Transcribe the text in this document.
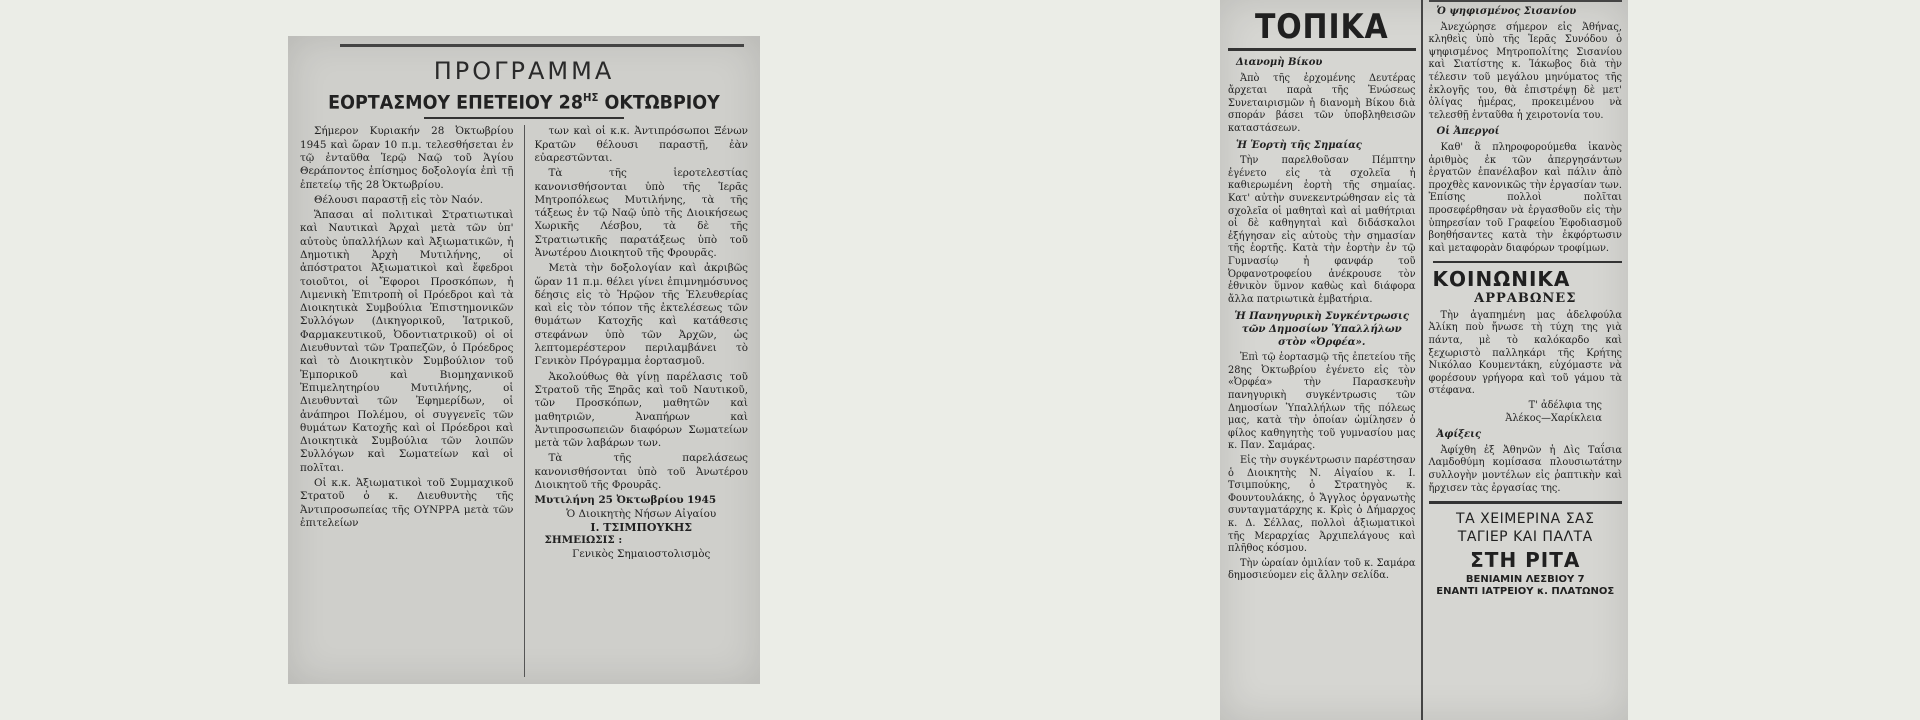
ΠΡΟΓΡΑΜΜΑ
ΕΟΡΤΑΣΜΟΥ ΕΠΕΤΕΙΟΥ $28^{H\Sigma}$ ΟΚΤΩΒΡΙΟΥ

Σήμερον Κυριακήν 28 Ὀκτωβρίου 1945 καὶ ὥραν 10 π.μ. τελεσθήσεται ἐν τῷ ἐνταῦθα Ἱερῷ Ναῷ τοῦ Ἁγίου Θεράποντος ἐπίσημος δοξολογία ἐπὶ τῇ ἐπετείῳ τῆς 28 Ὀκτωβρίου.

Θέλουσι παραστῇ εἰς τὸν Ναόν.

Ἅπασαι αἱ πολιτικαὶ Στρατιωτικαὶ καὶ Ναυτικαὶ Ἀρχαὶ μετὰ τῶν ὑπ' αὐτοὺς ὑπαλλήλων καὶ Ἀξιωματικῶν, ἡ Δημοτικὴ Ἀρχὴ Μυτιλήνης, οἱ ἀπόστρατοι Ἀξιωματικοὶ καὶ ἔφεδροι τοιοῦτοι, οἱ Ἔφοροι Προσκόπων, ἡ Λιμενικὴ Ἐπιτροπὴ οἱ Πρόεδροι καὶ τὰ Διοικητικὰ Συμβούλια Ἐπιστημονικῶν Συλλόγων (Δικηγορικοῦ, Ἰατρικοῦ, Φαρμακευτικοῦ, Ὀδοντιατρικοῦ) οἱ οἱ Διευθυνταὶ τῶν Τραπεζῶν, ὁ Πρόεδρος καὶ τὸ Διοικητικὸν Συμβούλιον τοῦ Ἐμπορικοῦ καὶ Βιομηχανικοῦ Ἐπιμελητηρίου Μυτιλήνης, οἱ Διευθυνταὶ τῶν Ἐφημερίδων, οἱ ἀνάπηροι Πολέμου, οἱ συγγενεῖς τῶν θυμάτων Κατοχῆς καὶ οἱ Πρόεδροι καὶ Διοικητικὰ Συμβούλια τῶν λοιπῶν Συλλόγων καὶ Σωματείων καὶ οἱ πολῖται.

Οἱ κ.κ. Ἀξιωματικοὶ τοῦ Συμμαχικοῦ Στρατοῦ ὁ κ. Διευθυντὴς τῆς Ἀντιπροσωπείας τῆς ΟΥΝΡΡΑ μετὰ τῶν ἐπιτελείων

των καὶ οἱ κ.κ. Ἀντιπρόσωποι Ξένων Κρατῶν θέλουσι παραστῇ, ἐὰν εὐαρεστῶνται.

Τὰ τῆς ἱεροτελεστίας κανονισθήσονται ὑπὸ τῆς Ἱερᾶς Μητροπόλεως Μυτιλήνης, τὰ τῆς τάξεως ἐν τῷ Ναῷ ὑπὸ τῆς Διοικήσεως Χωρικῆς Λέσβου, τὰ δὲ τῆς Στρατιωτικῆς παρατάξεως ὑπὸ τοῦ Ἀνωτέρου Διοικητοῦ τῆς Φρουρᾶς.

Μετὰ τὴν δοξολογίαν καὶ ἀκριβῶς ὥραν 11 π.μ. θέλει γίνει ἐπιμνημόσυνος δέησις εἰς τὸ Ἡρῷον τῆς Ἐλευθερίας καὶ εἰς τὸν τόπον τῆς ἐκτελέσεως τῶν θυμάτων Κατοχῆς καὶ κατάθεσις στεφάνων ὑπὸ τῶν Ἀρχῶν, ὡς λεπτομερέστερον περιλαμβάνει τὸ Γενικὸν Πρόγραμμα ἑορτασμοῦ.

Ἀκολούθως θὰ γίνῃ παρέλασις τοῦ Στρατοῦ τῆς Ξηρᾶς καὶ τοῦ Ναυτικοῦ, τῶν Προσκόπων, μαθητῶν καὶ μαθητριῶν, Ἀναπήρων καὶ Ἀντιπροσωπειῶν διαφόρων Σωματείων μετὰ τῶν λαβάρων των.

Τὰ τῆς παρελάσεως κανονισθήσονται ὑπὸ τοῦ Ἀνωτέρου Διοικητοῦ τῆς Φρουρᾶς.

Μυτιλήνη 25 Ὀκτωβρίου 1945
Ὁ Διοικητὴς Νήσων Αἰγαίου
Ι. ΤΣΙΜΠΟΥΚΗΣ
ΣΗΜΕΙΩΣΙΣ :
Γενικὸς Σημαιοστολισμὸς
ΤΟΠΙΚΑ
Διανομὴ Βίκου

Ἀπὸ τῆς ἐρχομένης Δευτέρας ἄρχεται παρὰ τῆς Ἑνώσεως Συνεταιρισμῶν ἡ διανομὴ Βίκου διὰ σποράν βάσει τῶν ὑποβληθεισῶν καταστάσεων.

Ἡ Ἑορτὴ τῆς Σημαίας

Τὴν παρελθοῦσαν Πέμπτην ἐγένετο εἰς τὰ σχολεῖα ἡ καθιερωμένη ἑορτὴ τῆς σημαίας. Κατ' αὐτὴν συνεκεντρώθησαν εἰς τὰ σχολεῖα οἱ μαθηταὶ καὶ αἱ μαθήτριαι οἱ δὲ καθηγηταὶ καὶ διδάσκαλοι ἐξήγησαν εἰς αὐτοὺς τὴν σημασίαν τῆς ἑορτῆς. Κατὰ τὴν ἑορτὴν ἐν τῷ Γυμνασίῳ ἡ φανφάρ τοῦ Ὀρφανοτροφείου ἀνέκρουσε τὸν ἐθνικὸν ὕμνον καθὼς καὶ διάφορα ἄλλα πατριωτικὰ ἐμβατήρια.

Ἡ Πανηγυρικὴ Συγκέντρωσις τῶν Δημοσίων Ὑπαλλήλων στὸν «Ὀρφέα».

Ἐπὶ τῷ ἑορτασμῷ τῆς ἐπετείου τῆς 28ης Ὀκτωβρίου ἐγένετο εἰς τὸν «Ὀρφέα» τὴν Παρασκευὴν πανηγυρικὴ συγκέντρωσις τῶν Δημοσίων Ὑπαλλήλων τῆς πόλεως μας, κατὰ τὴν ὁποίαν ὡμίλησεν ὁ φίλος καθηγητὴς τοῦ γυμνασίου μας κ. Παν. Σαμάρας.

Εἰς τὴν συγκέντρωσιν παρέστησαν ὁ Διοικητὴς Ν. Αἰγαίου κ. Ι. Τσιμπούκης, ὁ Στρατηγὸς κ. Φουντουλάκης, ὁ Ἄγγλος ὀργανωτὴς συνταγματάρχης κ. Κρὶς ὁ Δήμαρχος κ. Δ. Σέλλας, πολλοὶ ἀξιωματικοὶ τῆς Μεραρχίας Ἀρχιπελάγους καὶ πλῆθος κόσμου.

Τὴν ὡραίαν ὁμιλίαν τοῦ κ. Σαμάρα δημοσιεύομεν εἰς ἄλλην σελίδα.

Ὁ ψηφισμένος Σισανίου

Ἀνεχώρησε σήμερον εἰς Ἀθήνας, κληθεὶς ὑπὸ τῆς Ἱερᾶς Συνόδου ὁ ψηφισμένος Μητροπολίτης Σισανίου καὶ Σιατίστης κ. Ἰάκωβος διὰ τὴν τέλεσιν τοῦ μεγάλου μηνύματος τῆς ἐκλογῆς του, θὰ ἐπιστρέψῃ δὲ μετ' ὀλίγας ἡμέρας, προκειμένου νὰ τελεσθῇ ἐνταῦθα ἡ χειροτονία του.

Οἱ Ἀπεργοί

Καθ' ἃ πληροφορούμεθα ἱκανὸς ἀριθμὸς ἐκ τῶν ἀπεργησάντων ἐργατῶν ἐπανέλαβον καὶ πάλιν ἀπὸ προχθὲς κανονικῶς τὴν ἐργασίαν των. Ἐπίσης πολλοὶ πολῖται προσεφέρθησαν νὰ ἐργασθοῦν εἰς τὴν ὑπηρεσίαν τοῦ Γραφείου Ἐφοδιασμοῦ βοηθήσαντες κατὰ τὴν ἐκφόρτωσιν καὶ μεταφορὰν διαφόρων τροφίμων.

ΚΟΙΝΩΝΙΚΑ
ΑΡΡΑΒΩΝΕΣ

Τὴν ἀγαπημένη μας ἀδελφούλα Ἀλίκη ποὺ ἤνωσε τὴ τύχη της γιὰ πάντα, μὲ τὸ καλόκαρδο καὶ ξεχωριστὸ παλληκάρι τῆς Κρήτης Νικόλαο Κουμεντάκη, εὐχόμαστε νὰ φορέσουν γρήγορα καὶ τοῦ γάμου τὰ στέφανα.

Τ' ἀδέλφια της
Ἀλέκος—Χαρίκλεια
Ἀφίξεις

Ἀφίχθη ἐξ Ἀθηνῶν ἡ Δὶς Ταΐσια Λαμδοθύμη κομίσασα πλουσιωτάτην συλλογὴν μοντέλων εἰς ῥαπτικὴν καὶ ἤρχισεν τὰς ἐργασίας της.

ΤΑ ΧΕΙΜΕΡΙΝΑ ΣΑΣ
ΤΑΓΙΕΡ ΚΑΙ ΠΑΛΤΑ
ΣΤΗ ΡΙΤΑ
ΒΕΝΙΑΜΙΝ ΛΕΣΒΙΟΥ 7
ΕΝΑΝΤΙ ΙΑΤΡΕΙΟΥ κ. ΠΛΑΤΩΝΟΣ
